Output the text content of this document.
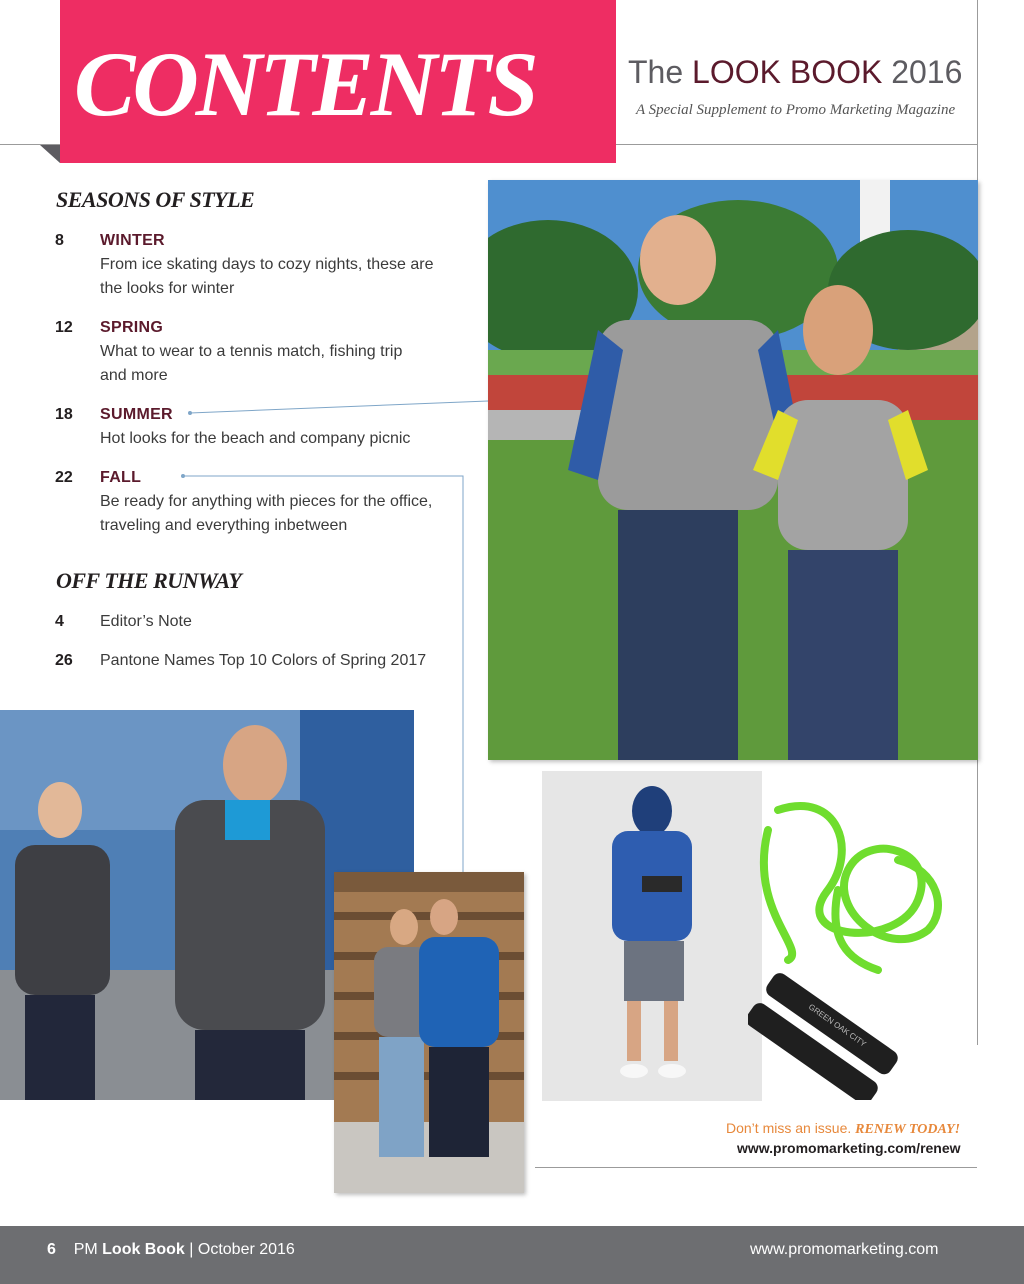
CONTENTS	The LOOK BOOK 2016
A Special Supplement to Promo Marketing Magazine
SEASONS OF STYLE
8 WINTER
From ice skating days to cozy nights, these are
the looks for winter
12 SPRING
What to wear to a tennis match, fishing trip
and more
18 SUMMER
Hot looks for the beach and company picnic
22 FALL
Be ready for anything with pieces for the office,
traveling and everything inbetween
OFF THE RUNWAY
4 Editor’s Note
26 Pantone Names Top 10 Colors of Spring 2017
GREEN OAK CITY
Don’t miss an issue. RENEW TODAY!
www.promomarketing.com/renew
6 PM Look Book | October 2016	www.promomarketing.com
